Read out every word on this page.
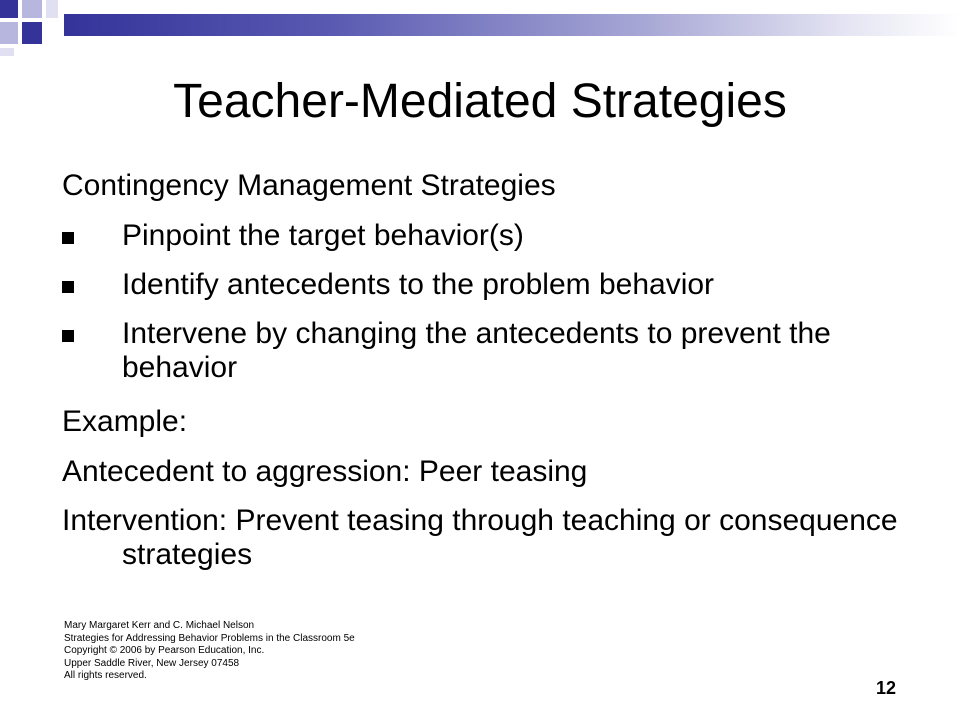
Teacher-Mediated Strategies
Contingency Management Strategies
Pinpoint the target behavior(s)
Identify antecedents to the problem behavior
Intervene by changing the antecedents to prevent the behavior
Example:
Antecedent to aggression: Peer teasing
Intervention: Prevent teasing through teaching or consequence strategies
Mary Margaret Kerr and C. Michael Nelson
Strategies for Addressing Behavior Problems in the Classroom 5e
Copyright © 2006 by Pearson Education, Inc.
Upper Saddle River, New Jersey 07458
All rights reserved.
12
